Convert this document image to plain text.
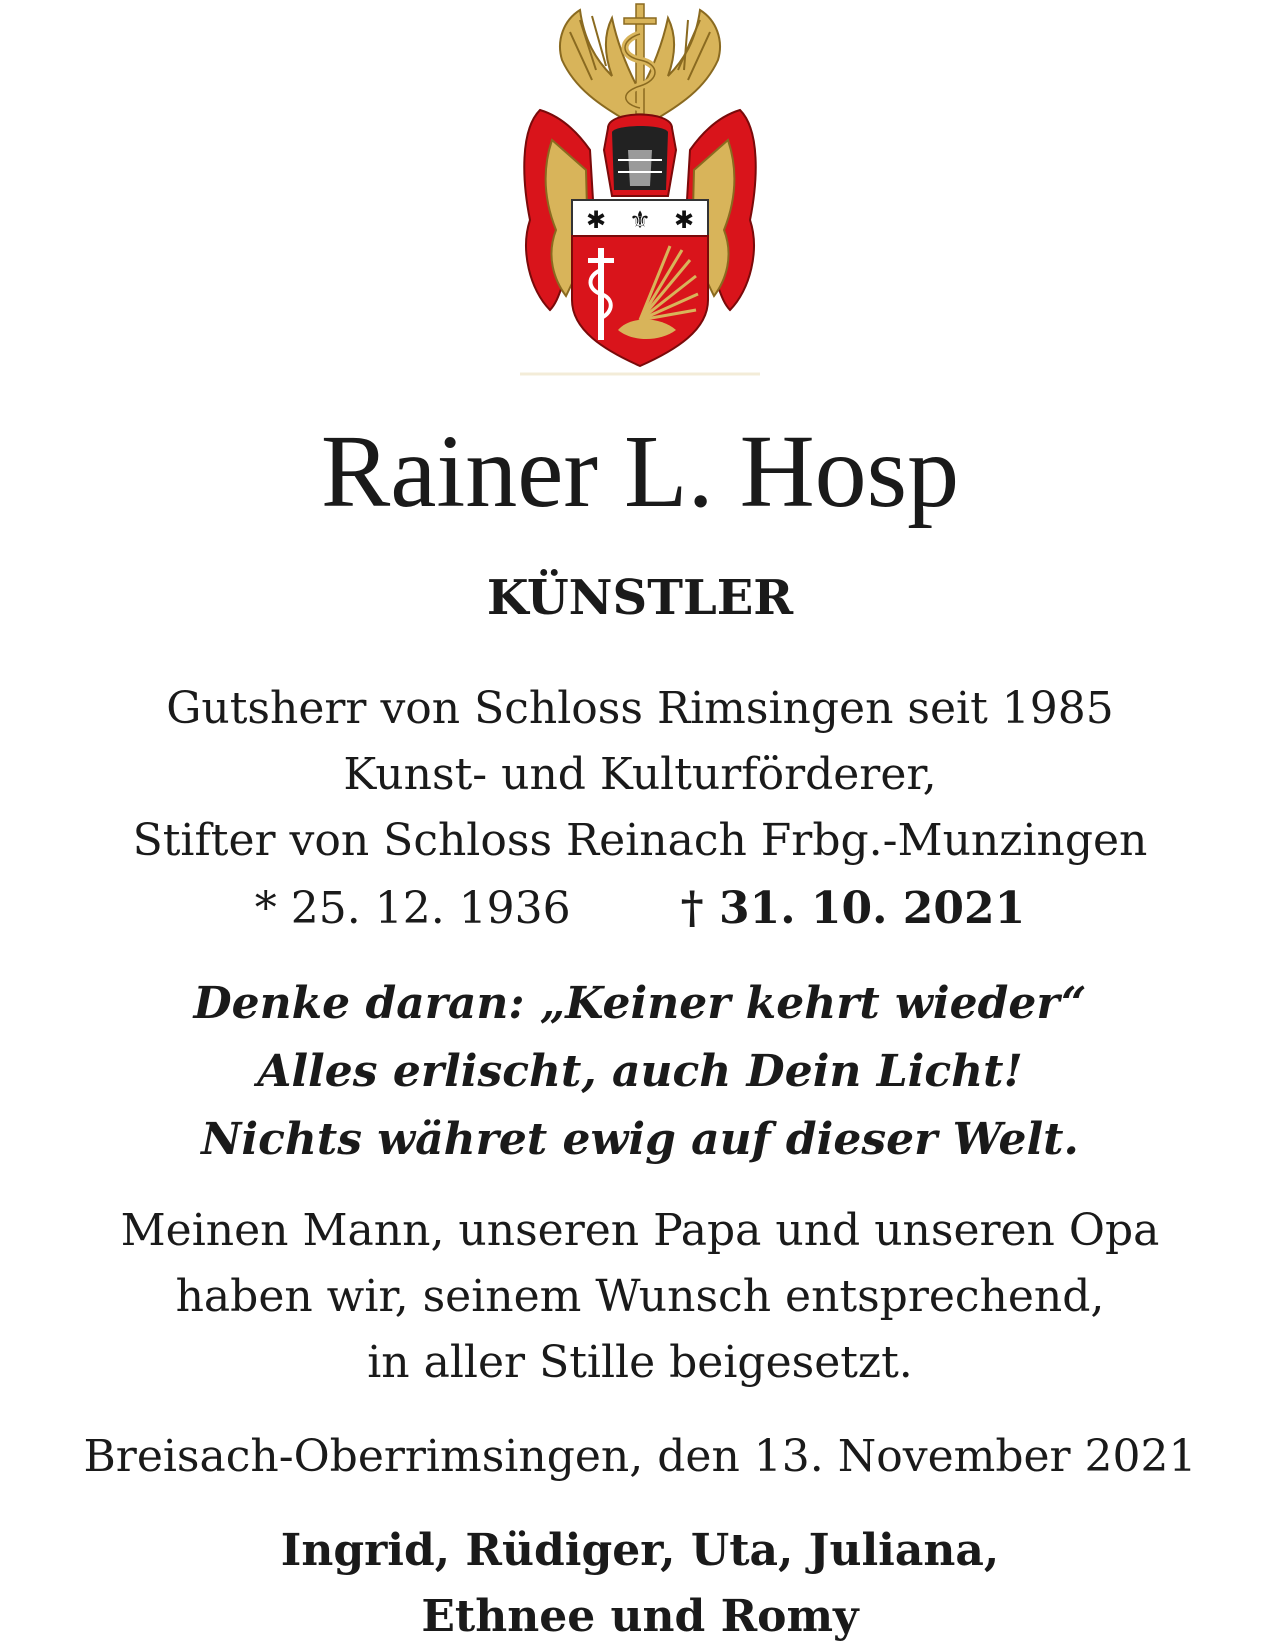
✱ ⚜ ✱
Rainer L. Hosp
KÜNSTLER
Gutsherr von Schloss Rimsingen seit 1985
Kunst- und Kulturförderer,
Stifter von Schloss Reinach Frbg.-Munzingen
* 25. 12. 1936	† 31. 10. 2021
Denke daran: „Keiner kehrt wieder“
Alles erlischt, auch Dein Licht!
Nichts währet ewig auf dieser Welt.
Meinen Mann, unseren Papa und unseren Opa
haben wir, seinem Wunsch entsprechend,
in aller Stille beigesetzt.
Breisach-Oberrimsingen, den 13. November 2021
Ingrid, Rüdiger, Uta, Juliana,
Ethnee und Romy
